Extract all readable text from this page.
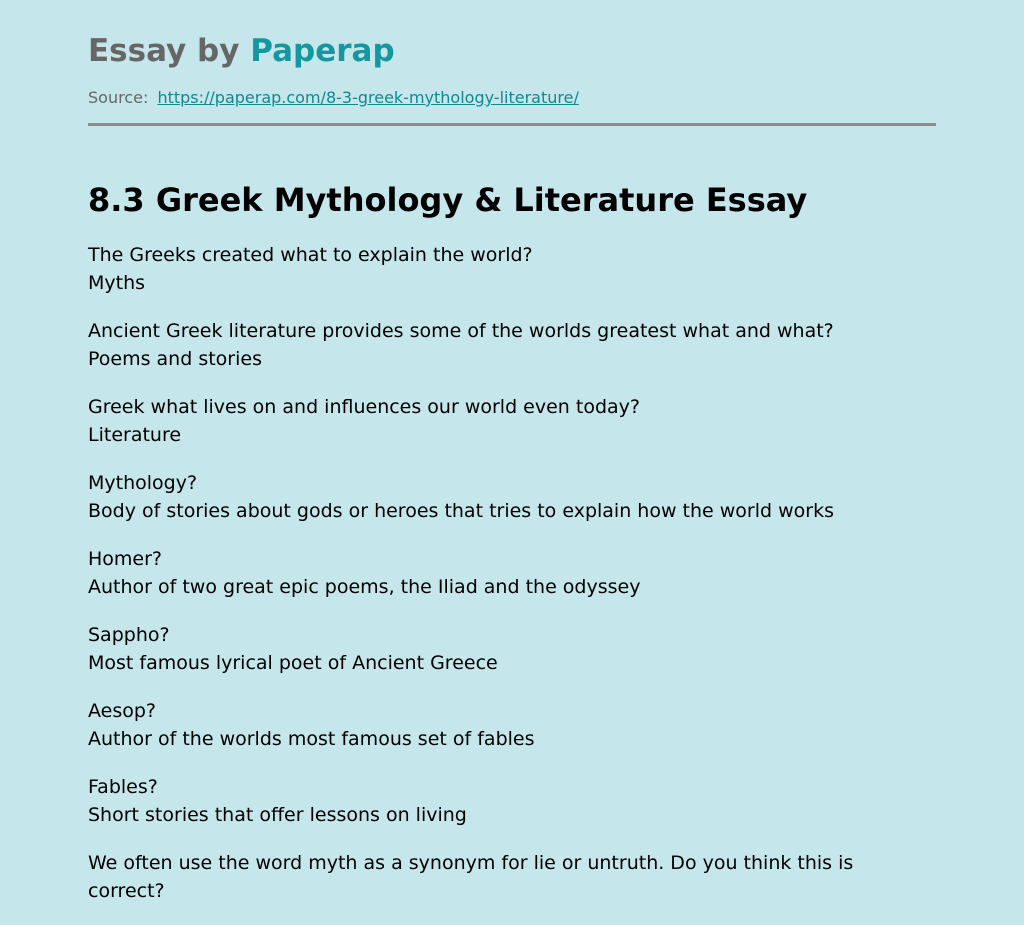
Essay by Paperap
Source: https://paperap.com/8-3-greek-mythology-literature/
8.3 Greek Mythology & Literature Essay
The Greeks created what to explain the world?
Myths
Ancient Greek literature provides some of the worlds greatest what and what?
Poems and stories
Greek what lives on and influences our world even today?
Literature
Mythology?
Body of stories about gods or heroes that tries to explain how the world works
Homer?
Author of two great epic poems, the Iliad and the odyssey
Sappho?
Most famous lyrical poet of Ancient Greece
Aesop?
Author of the worlds most famous set of fables
Fables?
Short stories that offer lessons on living
We often use the word myth as a synonym for lie or untruth. Do you think this is correct?
